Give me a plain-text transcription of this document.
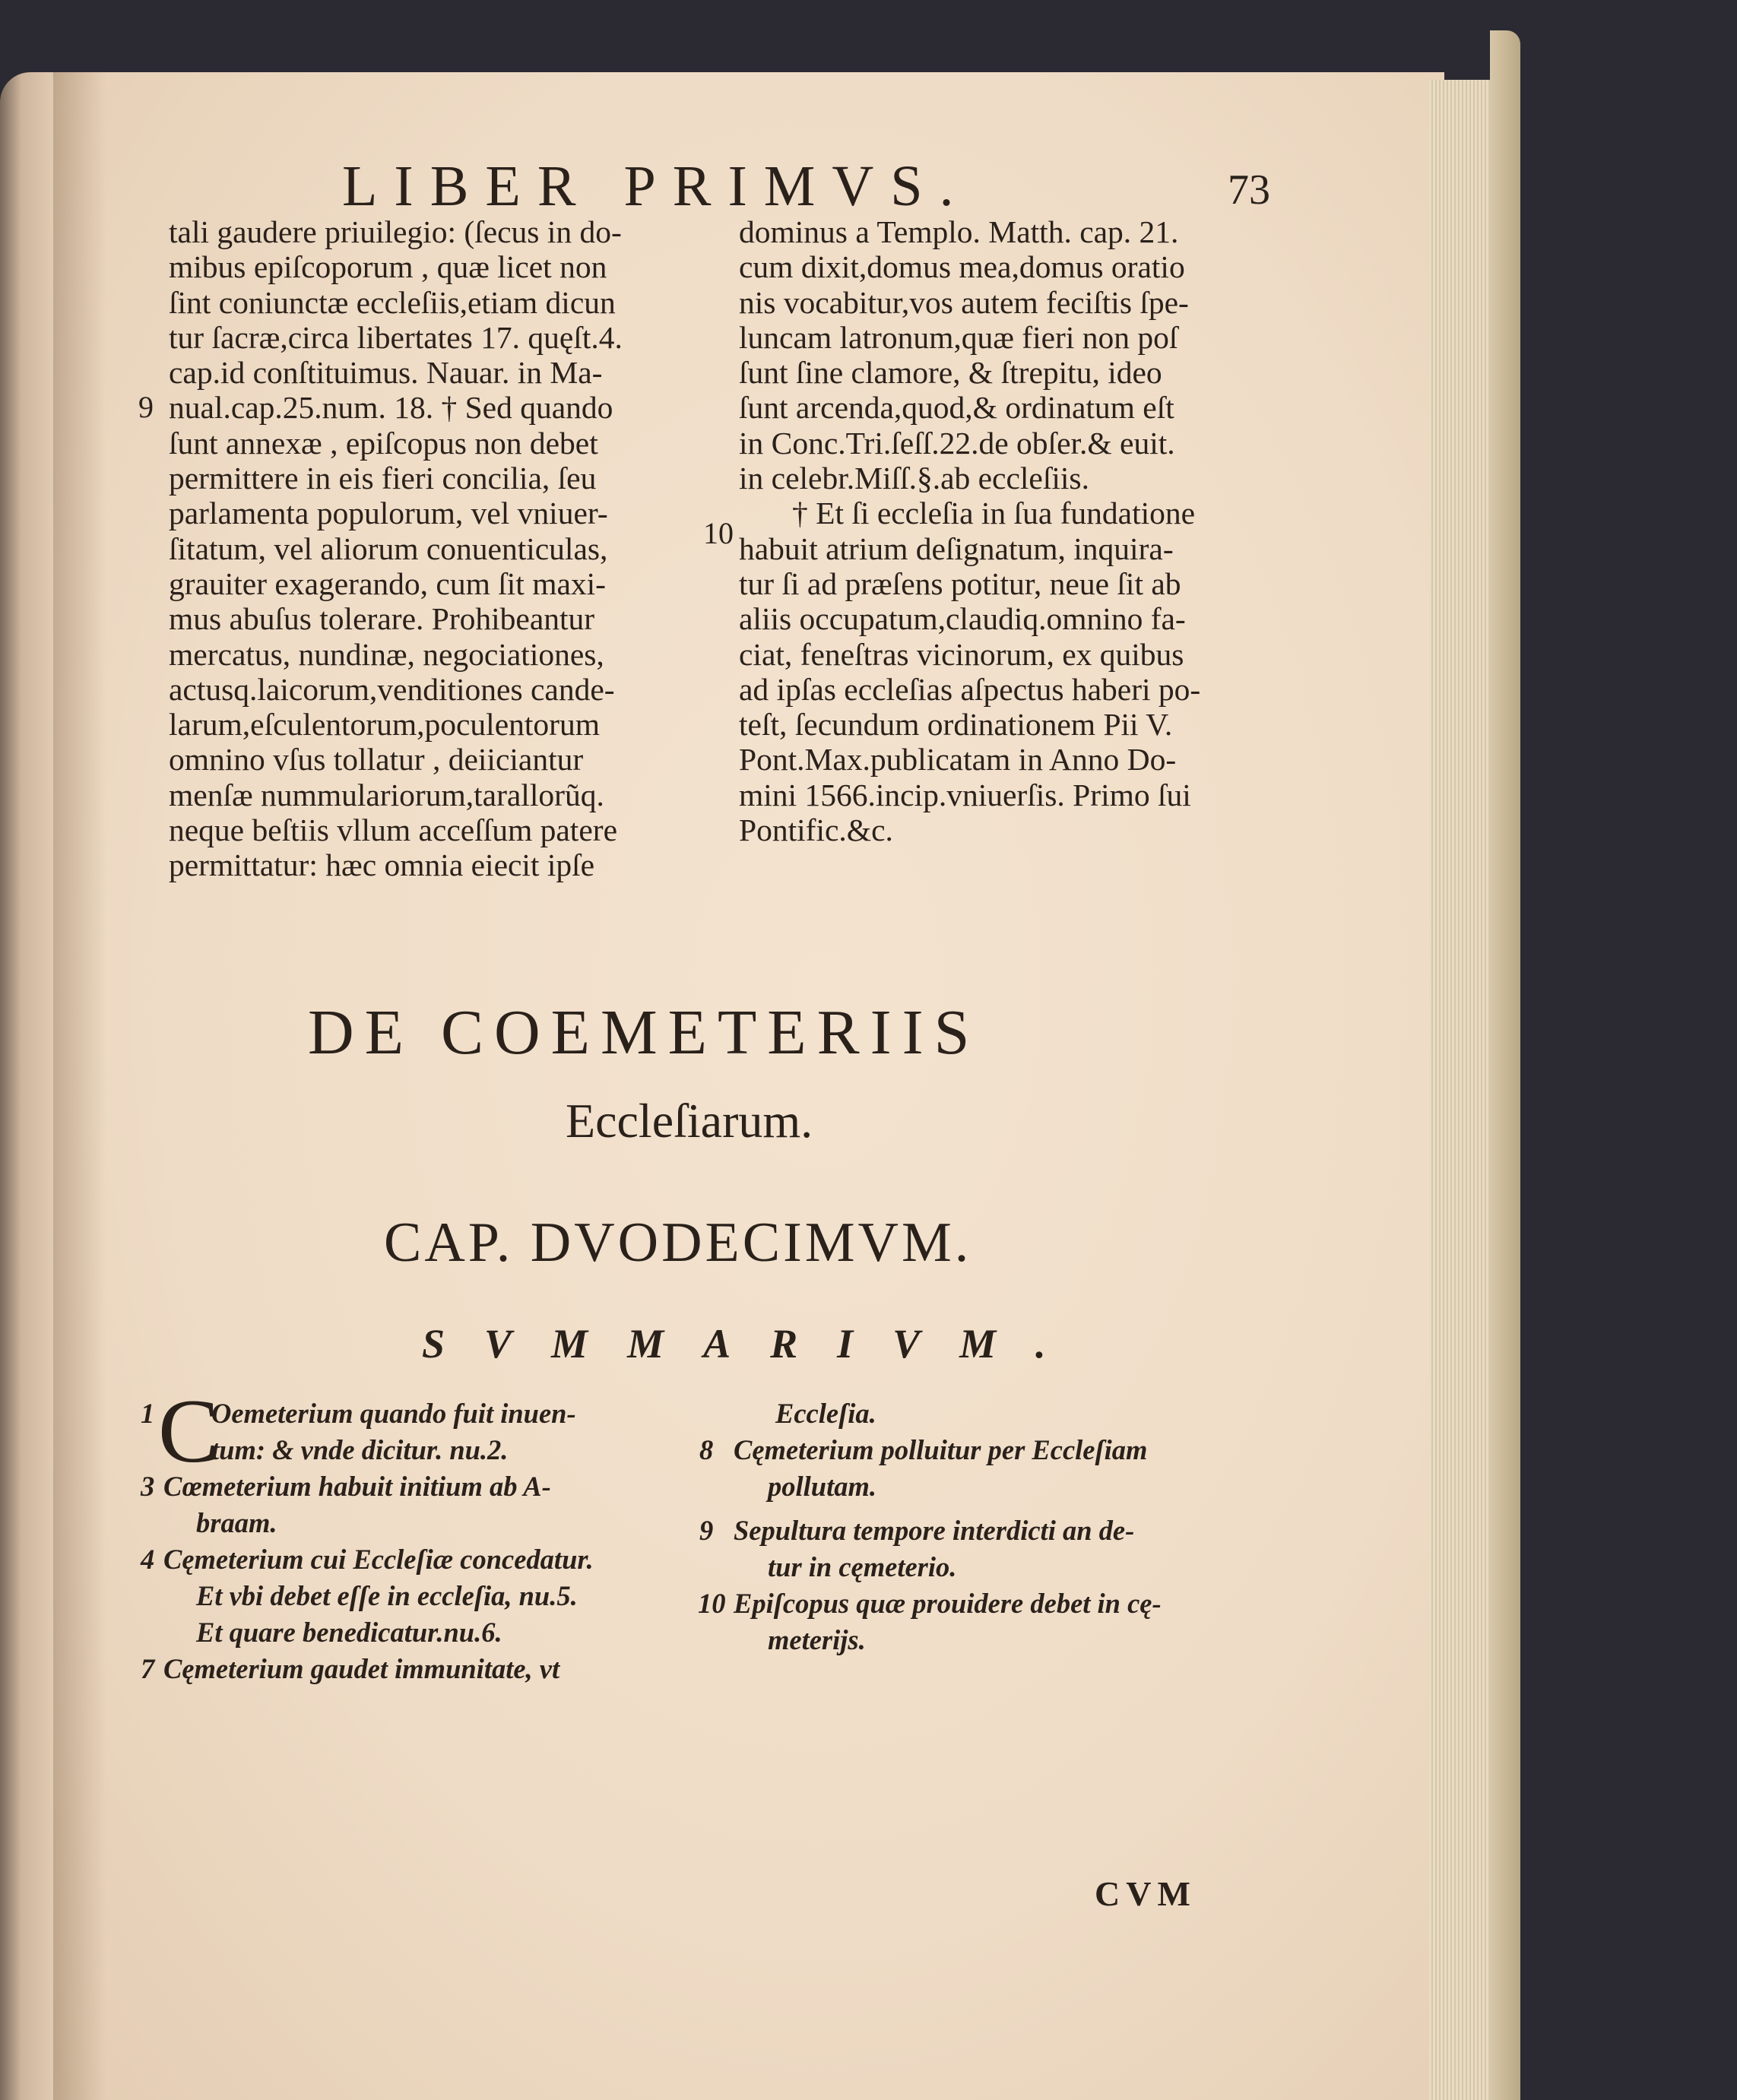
LIBER PRIMVS.	73
tali gaudere priuilegio: (ſecus in do-
mibus epiſcoporum , quæ licet non
ſint coniunctæ eccleſiis,etiam dicun
tur ſacræ,circa libertates 17. quęſt.4.
cap.id conſtituimus. Nauar. in Ma-
nual.cap.25.num. 18. † Sed quando
ſunt annexæ , epiſcopus non debet
permittere in eis fieri concilia, ſeu
parlamenta populorum, vel vniuer-
ſitatum, vel aliorum conuenticulas,
grauiter exagerando, cum ſit maxi-
mus abuſus tolerare. Prohibeantur
mercatus, nundinæ, negociationes,
actusq.laicorum,venditiones cande-
larum,eſculentorum,poculentorum
omnino vſus tollatur , deiiciantur
menſæ nummulariorum,tarallorũq.
neque beſtiis vllum acceſſum patere
permittatur: hæc omnia eiecit ipſe
9
dominus a Templo. Matth. cap. 21.
cum dixit,domus mea,domus oratio
nis vocabitur,vos autem feciſtis ſpe-
luncam latronum,quæ fieri non poſ
ſunt ſine clamore, & ſtrepitu, ideo
ſunt arcenda,quod,& ordinatum eſt
in Conc.Tri.ſeſſ.22.de obſer.& euit.
in celebr.Miſſ.§.ab eccleſiis.
† Et ſi eccleſia in ſua fundatione
habuit atrium deſignatum, inquira-
tur ſi ad præſens potitur, neue ſit ab
aliis occupatum,claudiq.omnino fa-
ciat, feneſtras vicinorum, ex quibus
ad ipſas eccleſias aſpectus haberi po-
teſt, ſecundum ordinationem Pii V.
Pont.Max.publicatam in Anno Do-
mini 1566.incip.vniuerſis. Primo ſui
Pontific.&c.
10
DE COEMETERIIS
Eccleſiarum.
CAP. DVODECIMVM.
SVMMARIVM.
1 C
Oemeterium quando fuit inuen-
tum: & vnde dicitur. nu.2.
3 Cœmeterium habuit initium ab A-
braam.
4 Cęmeterium cui Eccleſiæ concedatur.
Et vbi debet eſſe in eccleſia, nu.5.
Et quare benedicatur.nu.6.
7 Cęmeterium gaudet immunitate, vt
Eccleſia.
8 Cęmeterium polluitur per Eccleſiam
pollutam.
9 Sepultura tempore interdicti an de-
tur in cęmeterio.
10 Epiſcopus quæ prouidere debet in cę-
meterijs.
CVM
